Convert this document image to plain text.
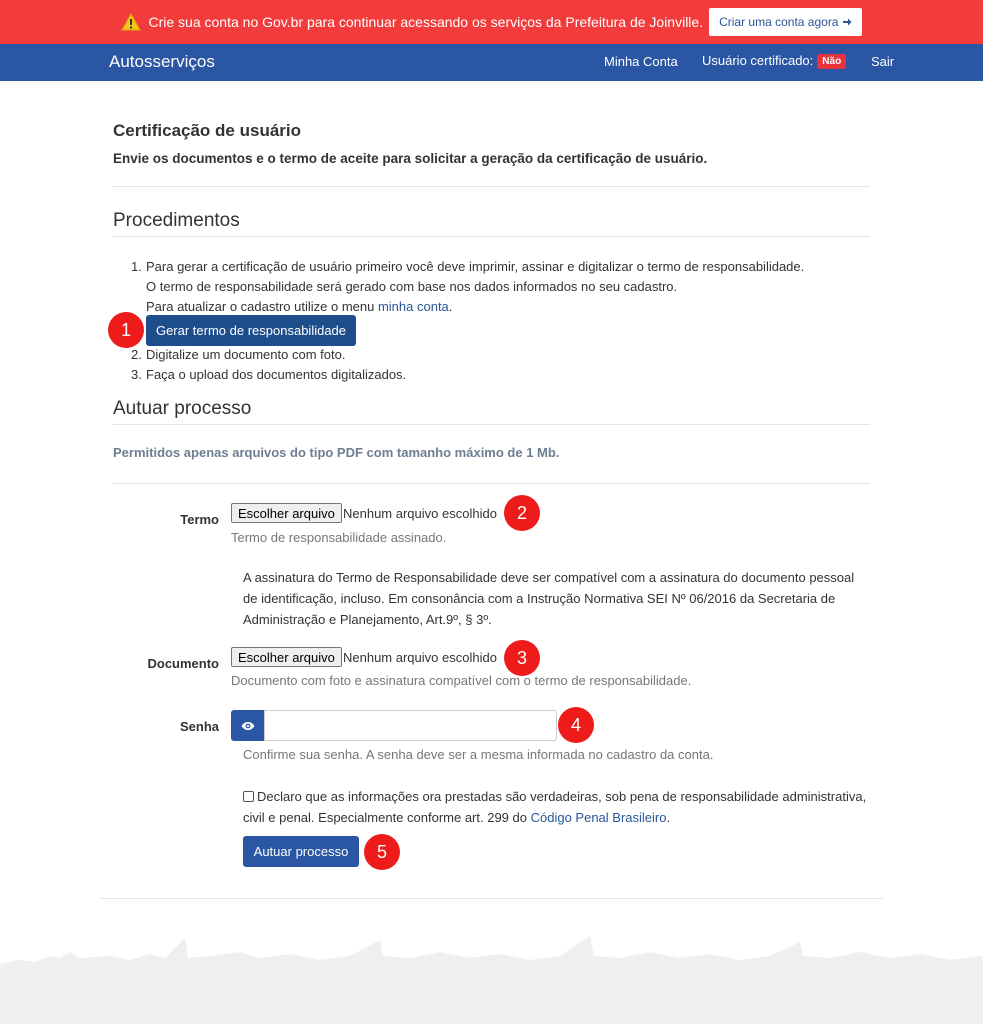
Crie sua conta no Gov.br para continuar acessando os serviços da Prefeitura de Joinville. Criar uma conta agora
Autosserviços	Minha Conta Usuário certificado: Não	Sair
Certificação de usuário
Envie os documentos e o termo de aceite para solicitar a geração da certificação de usuário.
Procedimentos
1. Para gerar a certificação de usuário primeiro você deve imprimir, assinar e digitalizar o termo de responsabilidade.
O termo de responsabilidade será gerado com base nos dados informados no seu cadastro.
Para atualizar o cadastro utilize o menu minha conta.
1	Gerar termo de responsabilidade
2. Digitalize um documento com foto.
3. Faça o upload dos documentos digitalizados.
Autuar processo
Permitidos apenas arquivos do tipo PDF com tamanho máximo de 1 Mb.
Termo	Escolher arquivo Nenhum arquivo escolhido	2
Termo de responsabilidade assinado.
A assinatura do Termo de Responsabilidade deve ser compatível com a assinatura do documento pessoal de identificação, incluso. Em consonância com a Instrução Normativa SEI Nº 06/2016 da Secretaria de Administração e Planejamento, Art.9º, § 3º.
Documento	Escolher arquivo Nenhum arquivo escolhido	3
Documento com foto e assinatura compatível com o termo de responsabilidade.
Senha	4
Confirme sua senha. A senha deve ser a mesma informada no cadastro da conta.
Declaro que as informações ora prestadas são verdadeiras, sob pena de responsabilidade administrativa, civil e penal. Especialmente conforme art. 299 do Código Penal Brasileiro.
Autuar processo	5
